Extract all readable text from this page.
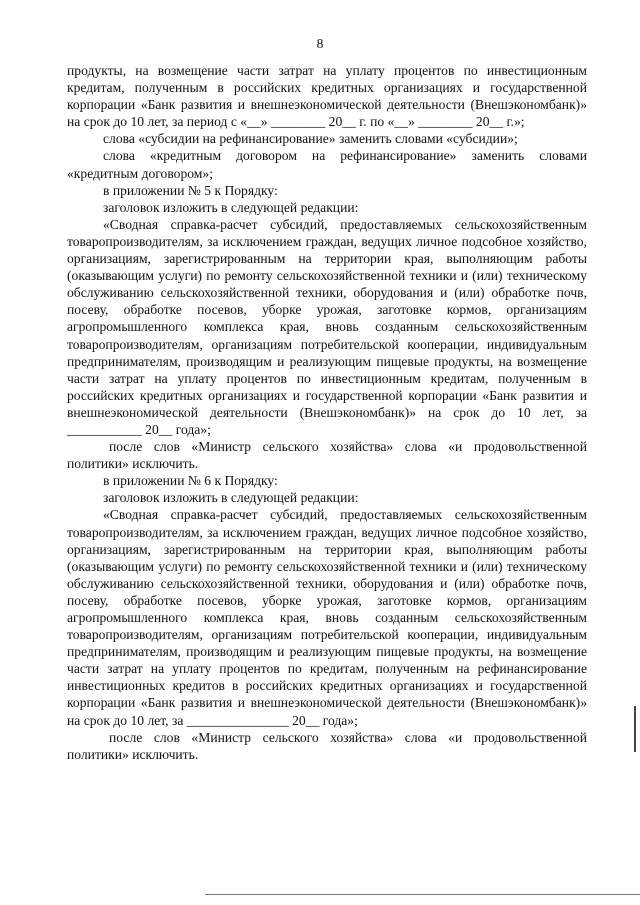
8

продукты, на возмещение части затрат на уплату процентов по инвестиционным кредитам, полученным в российских кредитных организациях и государственной корпорации «Банк развития и внешнеэкономической деятельности (Внешэкономбанк)» на срок до 10 лет, за период с «__» ________ 20__ г. по «__» ________ 20__ г.»;

слова «субсидии на рефинансирование» заменить словами «субсидии»;

слова «кредитным договором на рефинансирование» заменить словами «кредитным договором»;

в приложении № 5 к Порядку:

заголовок изложить в следующей редакции:

«Сводная справка-расчет субсидий, предоставляемых сельскохозяйственным товаропроизводителям, за исключением граждан, ведущих личное подсобное хозяйство, организациям, зарегистрированным на территории края, выполняющим работы (оказывающим услуги) по ремонту сельскохозяйственной техники и (или) техническому обслуживанию сельскохозяйственной техники, оборудования и (или) обработке почв, посеву, обработке посевов, уборке урожая, заготовке кормов, организациям агропромышленного комплекса края, вновь созданным сельскохозяйственным товаропроизводителям, организациям потребительской кооперации, индивидуальным предпринимателям, производящим и реализующим пищевые продукты, на возмещение части затрат на уплату процентов по инвестиционным кредитам, полученным в российских кредитных организациях и государственной корпорации «Банк развития и внешнеэкономической деятельности (Внешэкономбанк)» на срок до 10 лет, за ___________ 20__ года»;

после слов «Министр сельского хозяйства» слова «и продовольственной политики» исключить.

в приложении № 6 к Порядку:

заголовок изложить в следующей редакции:

«Сводная справка-расчет субсидий, предоставляемых сельскохозяйственным товаропроизводителям, за исключением граждан, ведущих личное подсобное хозяйство, организациям, зарегистрированным на территории края, выполняющим работы (оказывающим услуги) по ремонту сельскохозяйственной техники и (или) техническому обслуживанию сельскохозяйственной техники, оборудования и (или) обработке почв, посеву, обработке посевов, уборке урожая, заготовке кормов, организациям агропромышленного комплекса края, вновь созданным сельскохозяйственным товаропроизводителям, организациям потребительской кооперации, индивидуальным предпринимателям, производящим и реализующим пищевые продукты, на возмещение части затрат на уплату процентов по кредитам, полученным на рефинансирование инвестиционных кредитов в российских кредитных организациях и государственной корпорации «Банк развития и внешнеэкономической деятельности (Внешэкономбанк)» на срок до 10 лет, за _______________ 20__ года»;

после слов «Министр сельского хозяйства» слова «и продовольственной политики» исключить.
